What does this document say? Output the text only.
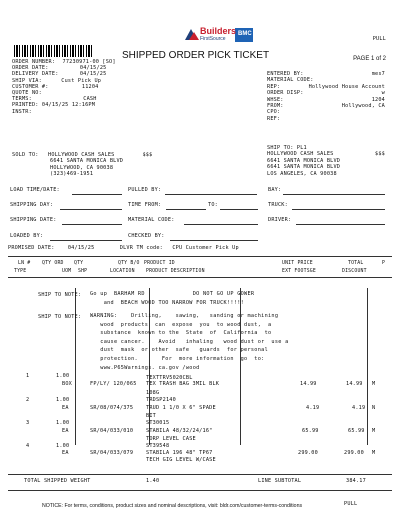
PULL
Builders
FirstSource
BMC
SHIPPED ORDER PICK TICKET	PAGE 1 of 2
ORDER NUMBER: 77230971-00 [SO]
ORDER DATE:	04/15/25
DELIVERY DATE:	04/15/25
SHIP VIA:	Cust Pick Up
CUSTOMER #:	11204
QUOTE NO:
TERMS:	CASH
PRINTED: 04/15/25 12:16PM
INSTR:
ENTERED BY:	mes7
MATERIAL CODE:
REP:	Hollywood House Account
ORDER DISP:	w
WHSE:	1204
FROM:	Hollywood, CA
CPO:
REF:
SOLD TO: HOLLYWOOD CASH SALES	$$$
6641 SANTA MONICA BLVD
HOLLYWOOD, CA 90038
(323)469-1951
SHIP TO: PL1
HOLLYWOOD CASH SALES	$$$
6641 SANTA MONICA BLVD
6641 SANTA MONICA BLVD
LOS ANGELES, CA 90038
LOAD TIME/DATE:	PULLED BY:	BAY:
SHIPPING DAY:	TIME FROM:	TO:	TRUCK:
SHIPPING DATE:	MATERIAL CODE:	DRIVER:
LOADED BY:	CHECKED BY:
PROMISED DATE:	04/15/25	DLVR TM code: CPU Customer Pick Up
LN # QTY ORD QTY	QTY B/O PRODUCT ID	UNIT PRICE	TOTAL	P
TYPE	UOM SHP	LOCATION PRODUCT DESCRIPTION	EXT FOOTSGE	DISCOUNT
SHIP TO NOTE: Go up  BARHAM RD              DO NOT GO UP GOWER
and  BEACH WOOD TOO NARROW FOR TRUCK!!!!!
SHIP TO NOTE: WARNING:    Drilling,    sawing,   sanding or machining
wood  products  can  expose  you  to wood dust,  a
substance  known to the  State  of  California  to
cause cancer.    Avoid   inhaling   wood dust or  use a
dust  mask  or other  safe   guards  for personal
protection.       For  more information  go  to:
www.P65Warnings. ca.gov /wood
1	1.00
BOX	FP/LY/ 120/065
TEXTTRV5020CBL
TEX TRASH BAG 3MIL BLK
108G
14.99	14.99 M
2	1.00
EA	SR/08/074/375
TRDSP2140
TRUD 1 1/0 X 6" SPADE
BIT
4.19	4.19 N
3	1.00
EA	SR/04/033/010
ST30015
STABILA 48/32/24/16"
TORP LEVEL CASE
65.99	65.99 M
4	1.00
EA	SR/04/033/079
ST39548
STABILA 196 48" TP67
TECH GIG LEVEL W/CASE
299.00	299.00 M
TOTAL SHIPPED WEIGHT	1.40	LINE SUBTOTAL	384.17
NOTICE: For terms, conditions, product sizes and nominal descriptions, visit: bldr.com/customer-terms-conditions	PULL
